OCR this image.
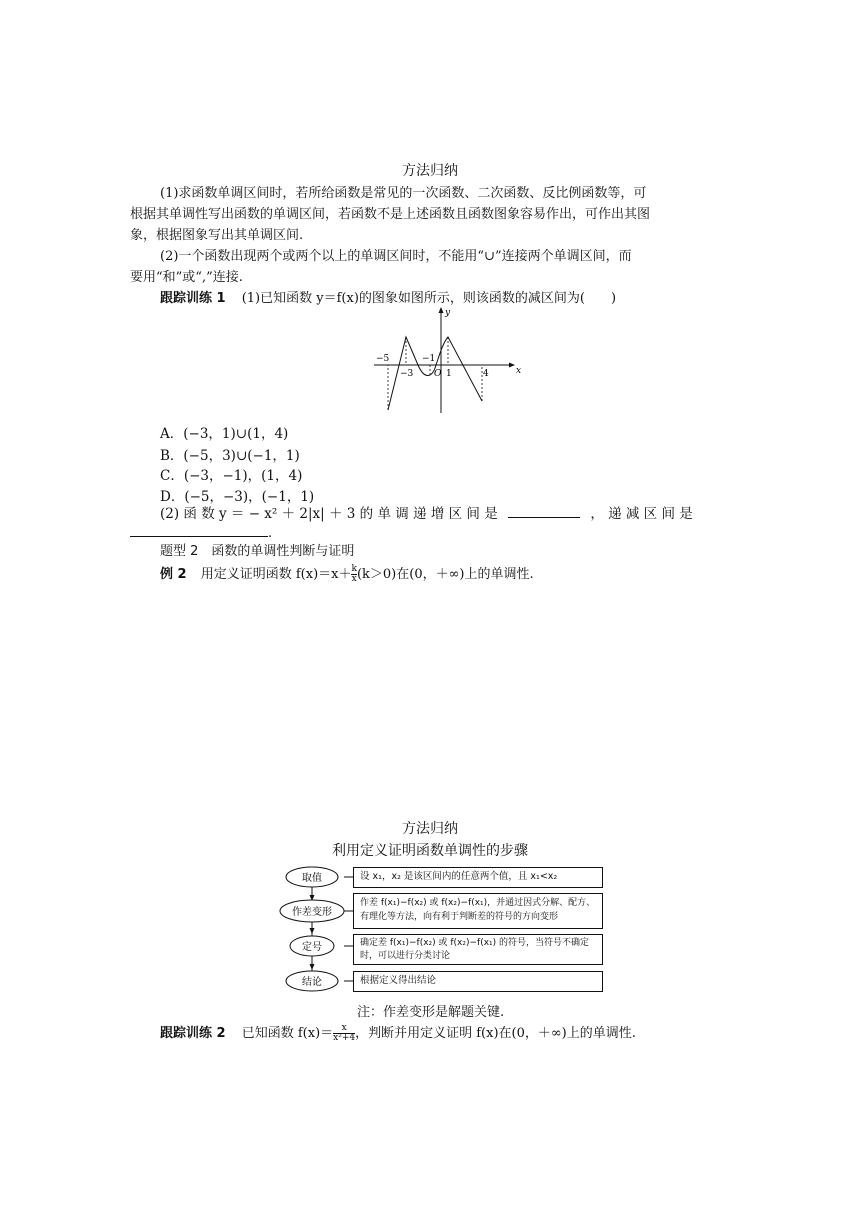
方法归纳
(1)求函数单调区间时，若所给函数是常见的一次函数、二次函数、反比例函数等，可
根据其单调性写出函数的单调区间，若函数不是上述函数且函数图象容易作出，可作出其图
象，根据图象写出其单调区间.
(2)一个函数出现两个或两个以上的单调区间时，不能用“∪”连接两个单调区间，而
要用“和”或“,”连接.
跟踪训练 1 (1)已知函数 y＝f(x)的图象如图所示，则该函数的减区间为(　　)
x
y
−5
−3
−1
O 1	4
A．(−3，1)∪(1，4)
B．(−5，3)∪(−1，1)
C．(−3，−1)，(1，4)
D．(−5，−3)，(−1，1)
(2) 函 数 y ＝ − x² ＋ 2|x| ＋ 3 的 单 调 递 增 区 间 是	， 递 减 区 间 是
.
题型 2　函数的单调性判断与证明
例 2 用定义证明函数 $f(x)=x+ \frac{k}{x} (k>0)$在(0，＋∞)上的单调性.
方法归纳
利用定义证明函数单调性的步骤
取值
作差变形
定号
结论
设 x₁，x₂ 是该区间内的任意两个值，且 x₁<x₂
作差 f(x₁)−f(x₂) 或 f(x₂)−f(x₁)，并通过因式分解、配方、有理化等方法，向有利于判断差的符号的方向变形
确定差 f(x₁)−f(x₂) 或 f(x₂)−f(x₁) 的符号，当符号不确定时，可以进行分类讨论
根据定义得出结论
注：作差变形是解题关键.
跟踪训练 2 已知函数 $f(x)= \frac{x}{\text{x²+4}}$ ，判断并用定义证明 f(x)在(0，＋∞)上的单调性.
